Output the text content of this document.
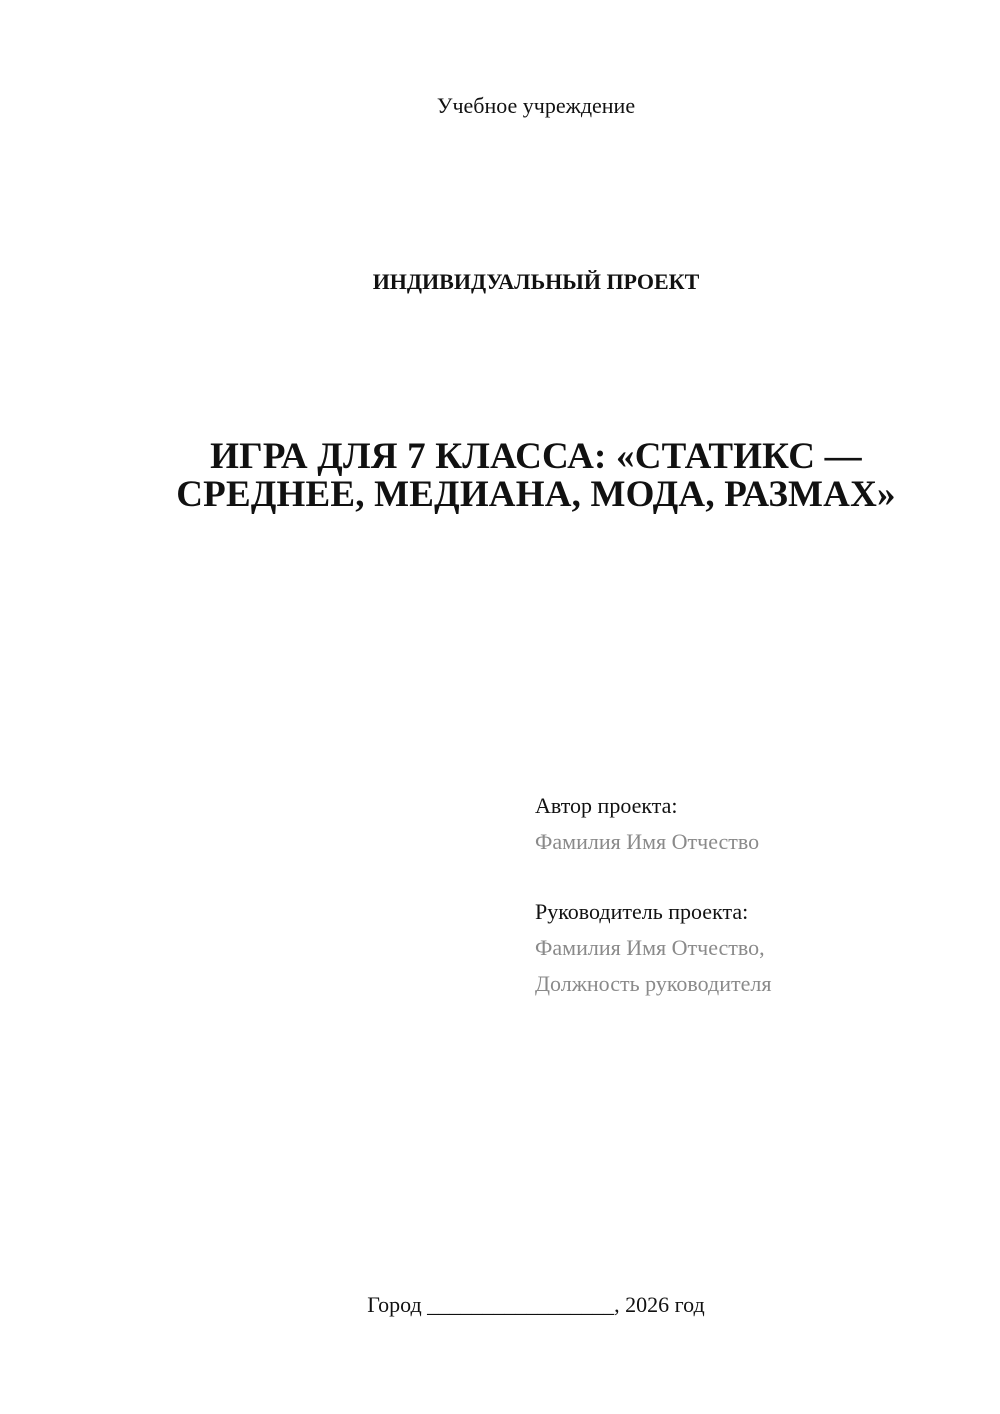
Учебное учреждение
ИНДИВИДУАЛЬНЫЙ ПРОЕКТ
ИГРА ДЛЯ 7 КЛАССА: «СТАТИКС —
СРЕДНЕЕ, МЕДИАНА, МОДА, РАЗМАХ»
Автор проекта:
Фамилия Имя Отчество
Руководитель проекта:
Фамилия Имя Отчество,
Должность руководителя
Город _________________, 2026 год
